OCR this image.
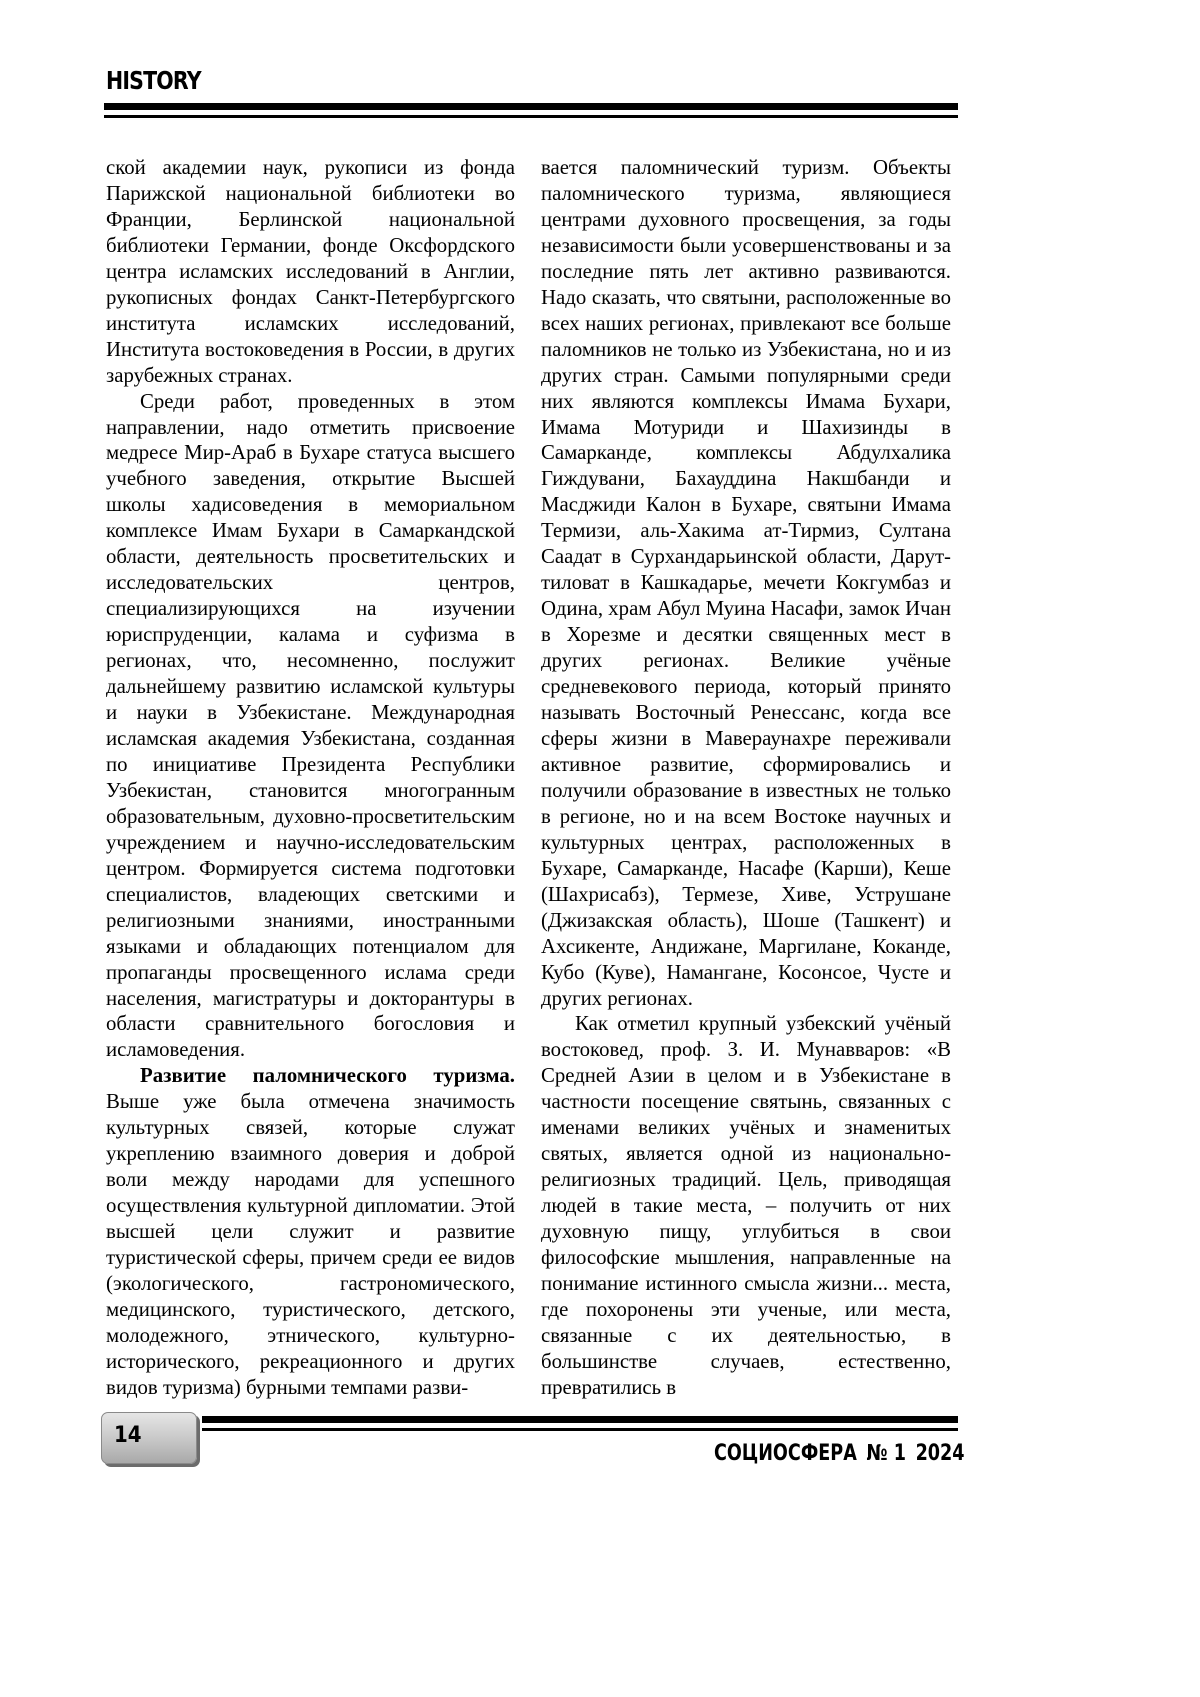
HISTORY

ской академии наук, рукописи из фонда Парижской национальной библиотеки во Франции, Берлинской национальной библиотеки Германии, фонде Оксфордского центра исламских исследований в Англии, рукописных фондах Санкт-Петербургского института исламских исследований, Института востоковедения в России, в других зарубежных странах.

Среди работ, проведенных в этом направлении, надо отметить присвоение медресе Мир-Араб в Бухаре статуса высшего учебного заведения, открытие Высшей школы хадисоведения в мемориальном комплексе Имам Бухари в Самаркандской области, деятельность просветительских и исследовательских центров, специализирующихся на изучении юриспруденции, калама и суфизма в регионах, что, несомненно, послужит дальнейшему развитию исламской культуры и науки в Узбекистане. Международная исламская академия Узбекистана, созданная по инициативе Президента Республики Узбекистан, становится многогранным образовательным, духовно-просветительским учреждением и научно-исследовательским центром. Формируется система подготовки специалистов, владеющих светскими и религиозными знаниями, иностранными языками и обладающих потенциалом для пропаганды просвещенного ислама среди населения, магистратуры и докторантуры в области сравнительного богословия и исламоведения.

Развитие паломнического туризма. Выше уже была отмечена значимость культурных связей, которые служат укреплению взаимного доверия и доброй воли между народами для успешного осуществления культурной дипломатии. Этой высшей цели служит и развитие туристической сферы, причем среди ее видов (экологического, гастрономического, медицинского, туристического, детского, молодежного, этнического, культурно-исторического, рекреационного и других видов туризма) бурными темпами разви-

вается паломнический туризм. Объекты паломнического туризма, являющиеся центрами духовного просвещения, за годы независимости были усовершенствованы и за последние пять лет активно развиваются. Надо сказать, что святыни, расположенные во всех наших регионах, привлекают все больше паломников не только из Узбекистана, но и из других стран. Самыми популярными среди них являются комплексы Имама Бухари, Имама Мотуриди и Шахизинды в Самарканде, комплексы Абдулхалика Гиждувани, Бахауддина Накшбанди и Масджиди Калон в Бухаре, святыни Имама Термизи, аль-Хакима ат-Тирмиз, Султана Саадат в Сурхандарьинской области, Дарут-тиловат в Кашкадарье, мечети Кокгумбаз и Одина, храм Абул Муина Насафи, замок Ичан в Хорезме и десятки священных мест в других регионах. Великие учёные средневекового периода, который принято называть Восточный Ренессанс, когда все сферы жизни в Мавераунахре переживали активное развитие, сформировались и получили образование в известных не только в регионе, но и на всем Востоке научных и культурных центрах, расположенных в Бухаре, Самарканде, Насафе (Карши), Кеше (Шахрисабз), Термезе, Хиве, Уструшане (Джизакская область), Шоше (Ташкент) и Ахсикенте, Андижане, Маргилане, Коканде, Кубо (Куве), Намангане, Косонсое, Чусте и других регионах.

Как отметил крупный узбекский учёный востоковед, проф. З. И. Мунавваров: «В Средней Азии в целом и в Узбекистане в частности посещение святынь, связанных с именами великих учёных и знаменитых святых, является одной из национально-религиозных традиций. Цель, приводящая людей в такие места, – получить от них духовную пищу, углубиться в свои философские мышления, направленные на понимание истинного смысла жизни... места, где похоронены эти ученые, или места, связанные с их деятельностью, в большинстве случаев, естественно, превратились в

14
СОЦИОСФЕРА № 1 2024
